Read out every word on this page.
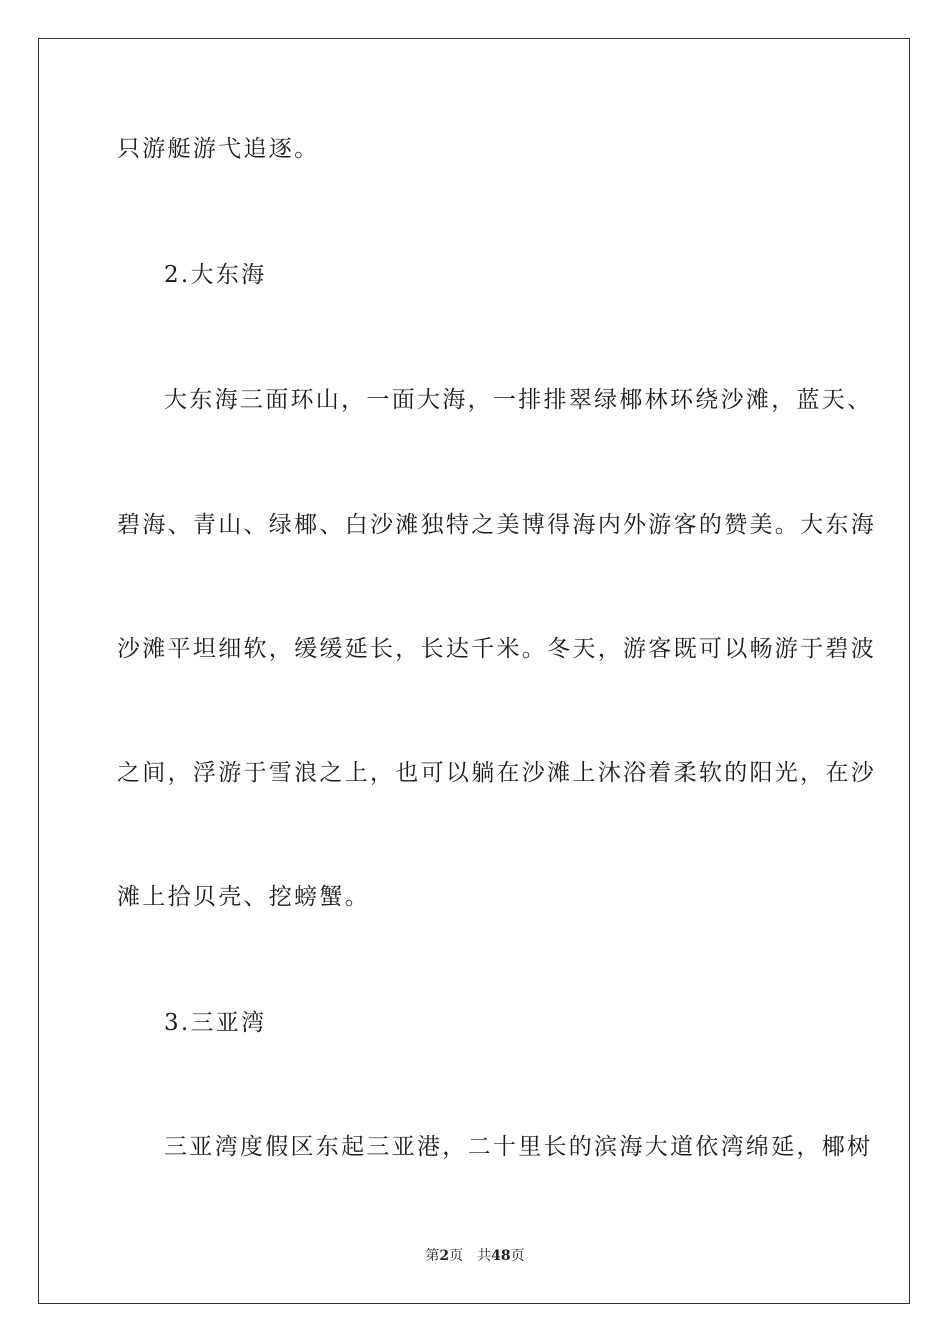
只游艇游弋追逐。
2.大东海
大东海三面环山，一面大海，一排排翠绿椰林环绕沙滩，蓝天、
碧海、青山、绿椰、白沙滩独特之美博得海内外游客的赞美。大东海
沙滩平坦细软，缓缓延长，长达千米。冬天，游客既可以畅游于碧波
之间，浮游于雪浪之上，也可以躺在沙滩上沐浴着柔软的阳光，在沙
滩上拾贝壳、挖螃蟹。
3.三亚湾
三亚湾度假区东起三亚港，二十里长的滨海大道依湾绵延，椰树
第2页 共48页
